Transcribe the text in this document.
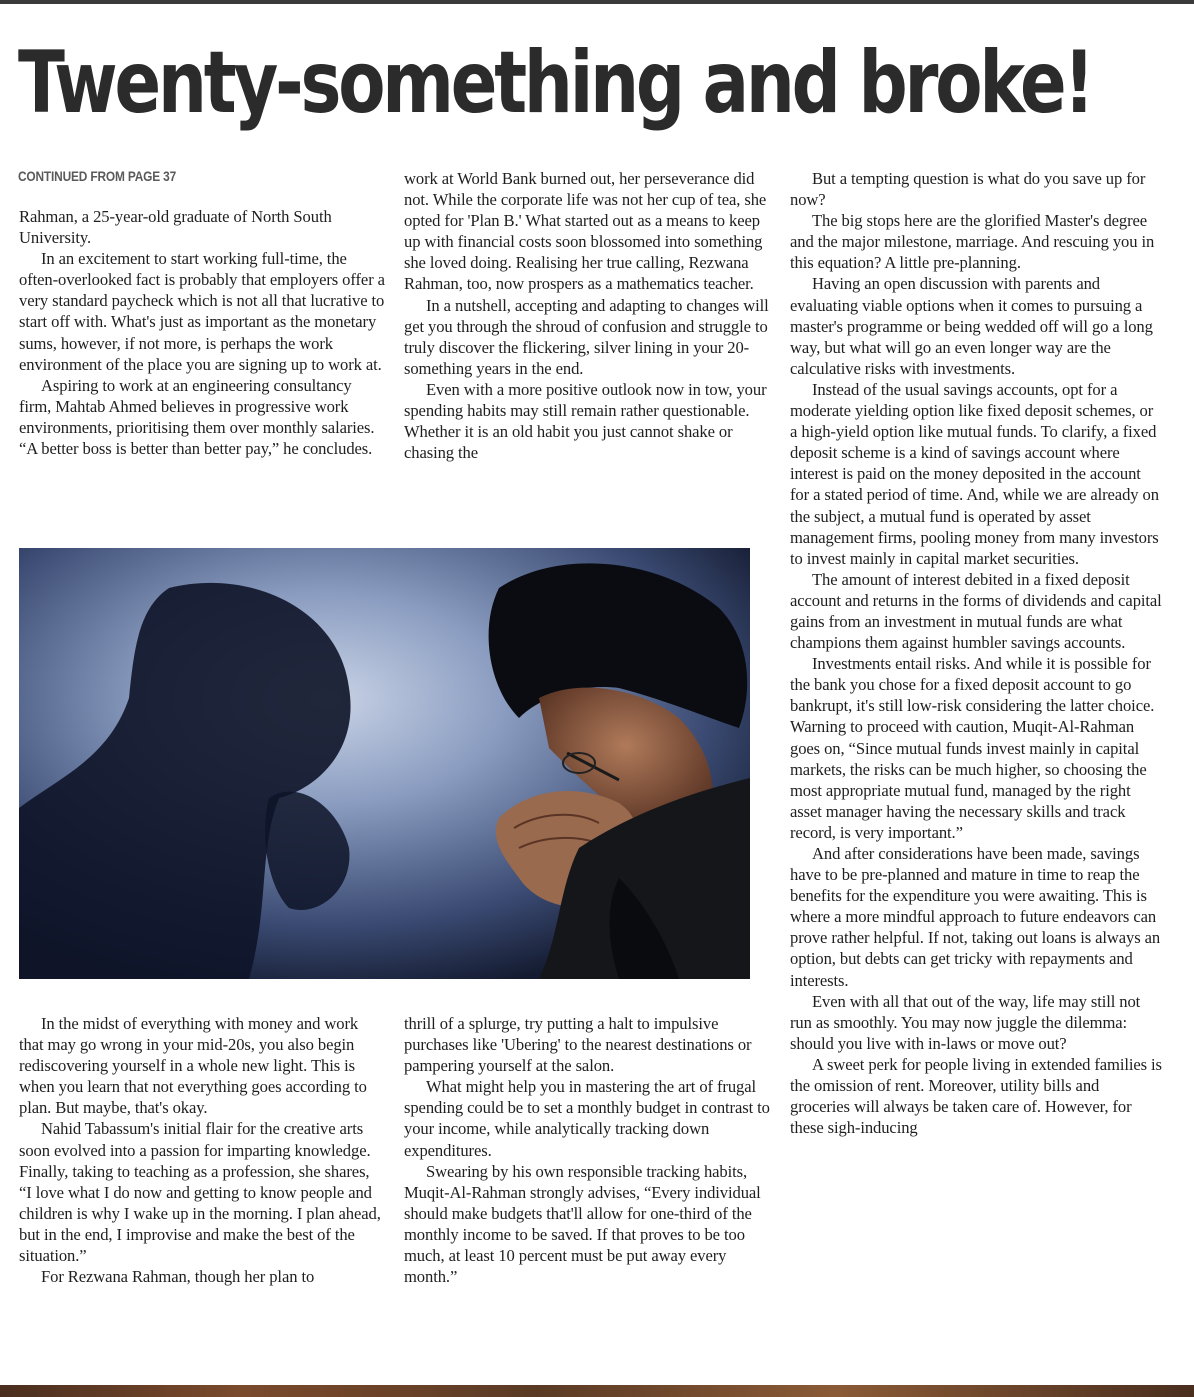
Twenty-something and broke!
CONTINUED FROM PAGE 37

Rahman, a 25-year-old graduate of North South University.

In an excitement to start working full-time, the often-overlooked fact is probably that employers offer a very standard paycheck which is not all that lucrative to start off with. What's just as important as the monetary sums, however, if not more, is perhaps the work environment of the place you are signing up to work at.

Aspiring to work at an engineering consultancy firm, Mahtab Ahmed believes in progressive work environments, prioritising them over monthly salaries. “A better boss is better than better pay,” he concludes.

work at World Bank burned out, her perseverance did not. While the corporate life was not her cup of tea, she opted for 'Plan B.' What started out as a means to keep up with financial costs soon blossomed into something she loved doing. Realising her true calling, Rezwana Rahman, too, now prospers as a mathematics teacher.

In a nutshell, accepting and adapting to changes will get you through the shroud of confusion and struggle to truly discover the flickering, silver lining in your 20-something years in the end.

Even with a more positive outlook now in tow, your spending habits may still remain rather questionable. Whether it is an old habit you just cannot shake or chasing the

But a tempting question is what do you save up for now?

The big stops here are the glorified Master's degree and the major milestone, marriage. And rescuing you in this equation? A little pre-planning.

Having an open discussion with parents and evaluating viable options when it comes to pursuing a master's programme or being wedded off will go a long way, but what will go an even longer way are the calculative risks with investments.

Instead of the usual savings accounts, opt for a moderate yielding option like fixed deposit schemes, or a high-yield option like mutual funds. To clarify, a fixed deposit scheme is a kind of savings account where interest is paid on the money deposited in the account for a stated period of time. And, while we are already on the subject, a mutual fund is operated by asset management firms, pooling money from many investors to invest mainly in capital market securities.

The amount of interest debited in a fixed deposit account and returns in the forms of dividends and capital gains from an investment in mutual funds are what champions them against humbler savings accounts.

Investments entail risks. And while it is possible for the bank you chose for a fixed deposit account to go bankrupt, it's still low-risk considering the latter choice. Warning to proceed with caution, Muqit-Al-Rahman goes on, “Since mutual funds invest mainly in capital markets, the risks can be much higher, so choosing the most appropriate mutual fund, managed by the right asset manager having the necessary skills and track record, is very important.”

And after considerations have been made, savings have to be pre-planned and mature in time to reap the benefits for the expenditure you were awaiting. This is where a more mindful approach to future endeavors can prove rather helpful. If not, taking out loans is always an option, but debts can get tricky with repayments and interests.

Even with all that out of the way, life may still not run as smoothly. You may now juggle the dilemma: should you live with in-laws or move out?

A sweet perk for people living in extended families is the omission of rent. Moreover, utility bills and groceries will always be taken care of. However, for these sigh-inducing

In the midst of everything with money and work that may go wrong in your mid-20s, you also begin rediscovering yourself in a whole new light. This is when you learn that not everything goes according to plan. But maybe, that's okay.

Nahid Tabassum's initial flair for the creative arts soon evolved into a passion for imparting knowledge. Finally, taking to teaching as a profession, she shares, “I love what I do now and getting to know people and children is why I wake up in the morning. I plan ahead, but in the end, I improvise and make the best of the situation.”

For Rezwana Rahman, though her plan to

thrill of a splurge, try putting a halt to impulsive purchases like 'Ubering' to the nearest destinations or pampering yourself at the salon.

What might help you in mastering the art of frugal spending could be to set a monthly budget in contrast to your income, while analytically tracking down expenditures.

Swearing by his own responsible tracking habits, Muqit-Al-Rahman strongly advises, “Every individual should make budgets that'll allow for one-third of the monthly income to be saved. If that proves to be too much, at least 10 percent must be put away every month.”
